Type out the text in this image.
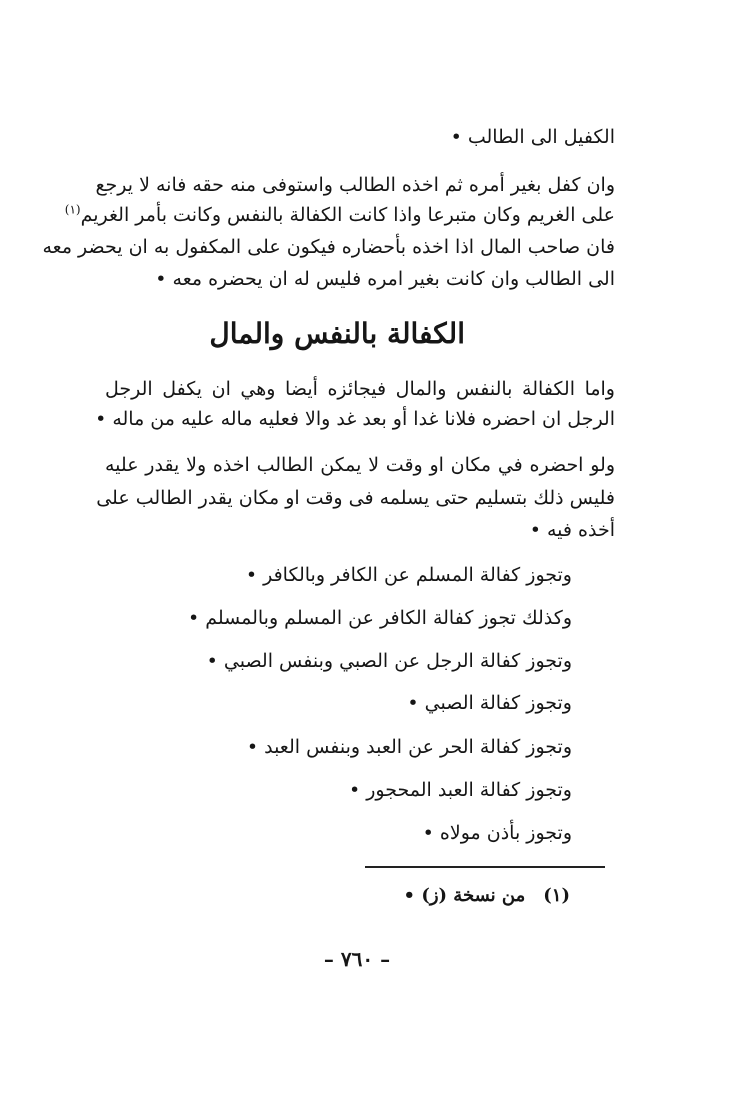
الكفيل الى الطالب •
وان كفل بغير أمره ثم اخذه الطالب واستوفى منه حقه فانه لا يرجع
على الغريم وكان متبرعا واذا كانت الكفالة بالنفس وكانت بأمر الغريم$^{(١)}$
فان صاحب المال اذا اخذه بأحضاره فيكون على المكفول به ان يحضر معه
الى الطالب وان كانت بغير امره فليس له ان يحضره معه •
الكفالة بالنفس والمال
واما الكفالة بالنفس والمال فيجائزه أيضا وهي ان يكفل الرجل
الرجل ان احضره فلانا غدا أو بعد غد والا فعليه ماله عليه من ماله •
ولو احضره في مكان او وقت لا يمكن الطالب اخذه ولا يقدر عليه
فليس ذلك بتسليم حتى يسلمه فى وقت او مكان يقدر الطالب على
أخذه فيه •
وتجوز كفالة المسلم عن الكافر وبالكافر •
وكذلك تجوز كفالة الكافر عن المسلم وبالمسلم •
وتجوز كفالة الرجل عن الصبي وبنفس الصبي •
وتجوز كفالة الصبي •
وتجوز كفالة الحر عن العبد وبنفس العبد •
وتجوز كفالة العبد المحجور •
وتجوز بأذن مولاه •
(١)من نسخة (ز) •
– ٧٦٠ –
